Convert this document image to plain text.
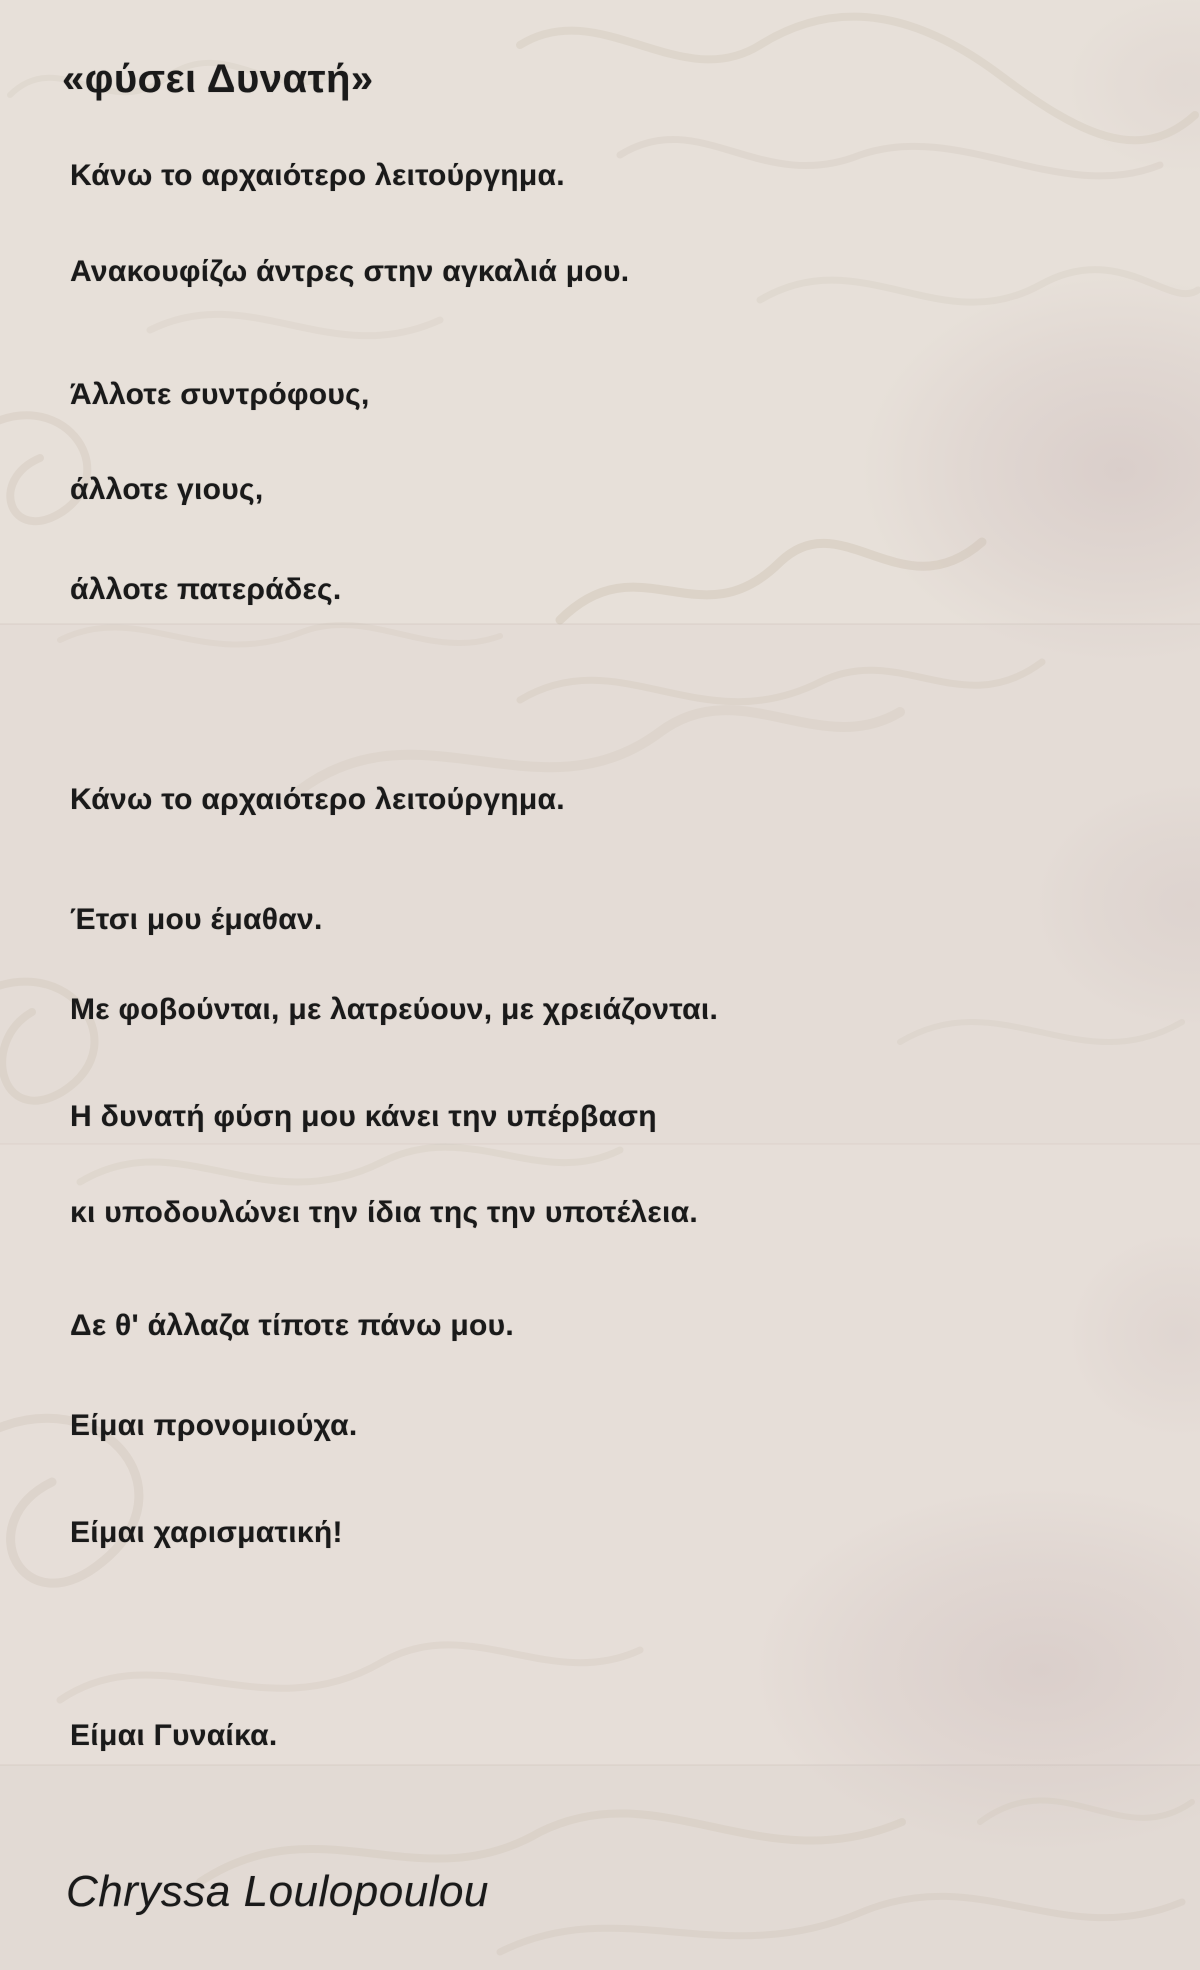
«φύσει Δυνατή»

Κάνω το αρχαιότερο λειτούργημα.

Ανακουφίζω άντρες στην αγκαλιά μου.

Άλλοτε συντρόφους,

άλλοτε γιους,

άλλοτε πατεράδες.

Κάνω το αρχαιότερο λειτούργημα.

Έτσι μου έμαθαν.

Με φοβούνται, με λατρεύουν, με χρειάζονται.

Η δυνατή φύση μου κάνει την υπέρβαση

κι υποδουλώνει την ίδια της την υποτέλεια.

Δε θ' άλλαζα τίποτε πάνω μου.

Είμαι προνομιούχα.

Είμαι χαρισματική!

Είμαι Γυναίκα.

Chryssa Loulopoulou
